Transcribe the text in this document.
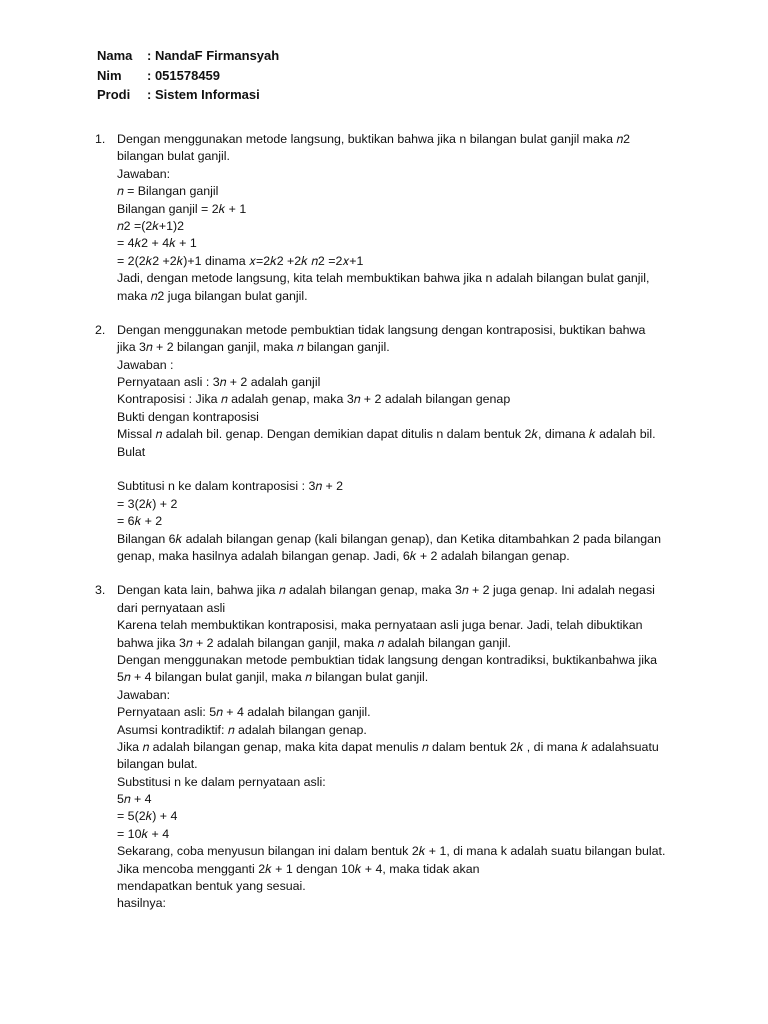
Nama	: NandaF Firmansyah
Nim	: 051578459
Prodi	: Sistem Informasi
1. Dengan menggunakan metode langsung, buktikan bahwa jika n bilangan bulat ganjil maka 𝑛2
bilangan bulat ganjil.
Jawaban:
𝑛 = Bilangan ganjil
Bilangan ganjil = 2𝑘 + 1
𝑛2 =(2𝑘+1)2
= 4𝑘2 + 4𝑘 + 1
= 2(2𝑘2 +2𝑘)+1 dinama 𝑥=2𝑘2 +2𝑘 𝑛2 =2𝑥+1
Jadi, dengan metode langsung, kita telah membuktikan bahwa jika n adalah bilangan bulat ganjil,
maka 𝑛2 juga bilangan bulat ganjil.
2. Dengan menggunakan metode pembuktian tidak langsung dengan kontraposisi, buktikan bahwa
jika 3𝑛 + 2 bilangan ganjil, maka 𝑛 bilangan ganjil.
Jawaban :
Pernyataan asli : 3𝑛 + 2 adalah ganjil
Kontraposisi : Jika 𝑛 adalah genap, maka 3𝑛 + 2 adalah bilangan genap
Bukti dengan kontraposisi
Missal 𝑛 adalah bil. genap. Dengan demikian dapat ditulis n dalam bentuk 2𝑘, dimana 𝑘 adalah bil.
Bulat
Subtitusi n ke dalam kontraposisi : 3𝑛 + 2
= 3(2𝑘) + 2
= 6𝑘 + 2
Bilangan 6𝑘 adalah bilangan genap (kali bilangan genap), dan Ketika ditambahkan 2 pada bilangan
genap, maka hasilnya adalah bilangan genap. Jadi, 6𝑘 + 2 adalah bilangan genap.
3. Dengan kata lain, bahwa jika 𝑛 adalah bilangan genap, maka 3𝑛 + 2 juga genap. Ini adalah negasi
dari pernyataan asli
Karena telah membuktikan kontraposisi, maka pernyataan asli juga benar. Jadi, telah dibuktikan
bahwa jika 3𝑛 + 2 adalah bilangan ganjil, maka 𝑛 adalah bilangan ganjil.
Dengan menggunakan metode pembuktian tidak langsung dengan kontradiksi, buktikanbahwa jika
5𝑛 + 4 bilangan bulat ganjil, maka 𝑛 bilangan bulat ganjil.
Jawaban:
Pernyataan asli: 5𝑛 + 4 adalah bilangan ganjil.
Asumsi kontradiktif: 𝑛 adalah bilangan genap.
Jika 𝑛 adalah bilangan genap, maka kita dapat menulis 𝑛 dalam bentuk 2𝑘 , di mana 𝑘 adalahsuatu
bilangan bulat.
Substitusi n ke dalam pernyataan asli:
5𝑛 + 4
= 5(2𝑘) + 4
= 10𝑘 + 4
Sekarang, coba menyusun bilangan ini dalam bentuk 2𝑘 + 1, di mana k adalah suatu bilangan bulat.
Jika mencoba mengganti 2𝑘 + 1 dengan 10𝑘 + 4, maka tidak akan
mendapatkan bentuk yang sesuai.
hasilnya:
